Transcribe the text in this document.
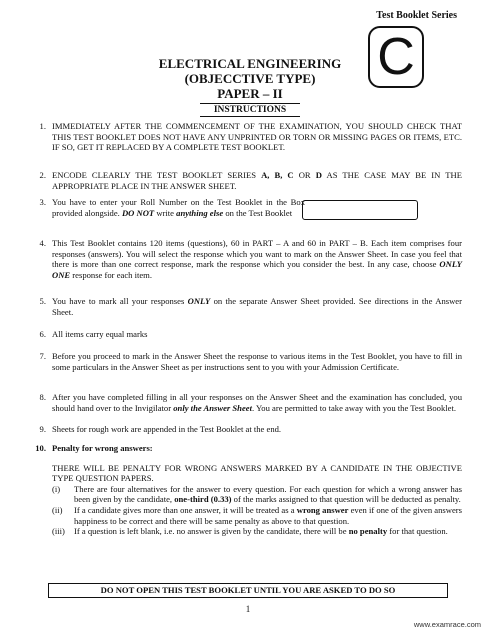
Test Booklet Series
C
ELECTRICAL ENGINEERING
(OBJECCTIVE TYPE)
PAPER – II
INSTRUCTIONS
1. IMMEDIATELY AFTER THE COMMENCEMENT OF THE EXAMINATION, YOU SHOULD CHECK THAT THIS TEST BOOKLET DOES NOT HAVE ANY UNPRINTED OR TORN OR MISSING PAGES OR ITEMS, ETC. IF SO, GET IT REPLACED BY A COMPLETE TEST BOOKLET.
2. ENCODE CLEARLY THE TEST BOOKLET SERIES A, B, C OR D AS THE CASE MAY BE IN THE APPROPRIATE PLACE IN THE ANSWER SHEET.
3. You have to enter your Roll Number on the Test Booklet in the Box provided alongside. DO NOT write anything else on the Test Booklet
4. This Test Booklet contains 120 items (questions), 60 in PART – A and 60 in PART – B. Each item comprises four responses (answers). You will select the response which you want to mark on the Answer Sheet. In case you feel that there is more than one correct response, mark the response which you consider the best. In any case, choose ONLY ONE response for each item.
5. You have to mark all your responses ONLY on the separate Answer Sheet provided. See directions in the Answer Sheet.
6. All items carry equal marks
7. Before you proceed to mark in the Answer Sheet the response to various items in the Test Booklet, you have to fill in some particulars in the Answer Sheet as per instructions sent to you with your Admission Certificate.
8. After you have completed filling in all your responses on the Answer Sheet and the examination has concluded, you should hand over to the Invigilator only the Answer Sheet. You are permitted to take away with you the Test Booklet.
9. Sheets for rough work are appended in the Test Booklet at the end.
10. Penalty for wrong answers:
THERE WILL BE PENALTY FOR WRONG ANSWERS MARKED BY A CANDIDATE IN THE OBJECTIVE TYPE QUESTION PAPERS.
(i) There are four alternatives for the answer to every question. For each question for which a wrong answer has been given by the candidate, one-third (0.33) of the marks assigned to that question will be deducted as penalty.
(ii) If a candidate gives more than one answer, it will be treated as a wrong answer even if one of the given answers happiness to be correct and there will be same penalty as above to that question.
(iii) If a question is left blank, i.e. no answer is given by the candidate, there will be no penalty for that question.
DO NOT OPEN THIS TEST BOOKLET UNTIL YOU ARE ASKED TO DO SO
1
www.examrace.com
